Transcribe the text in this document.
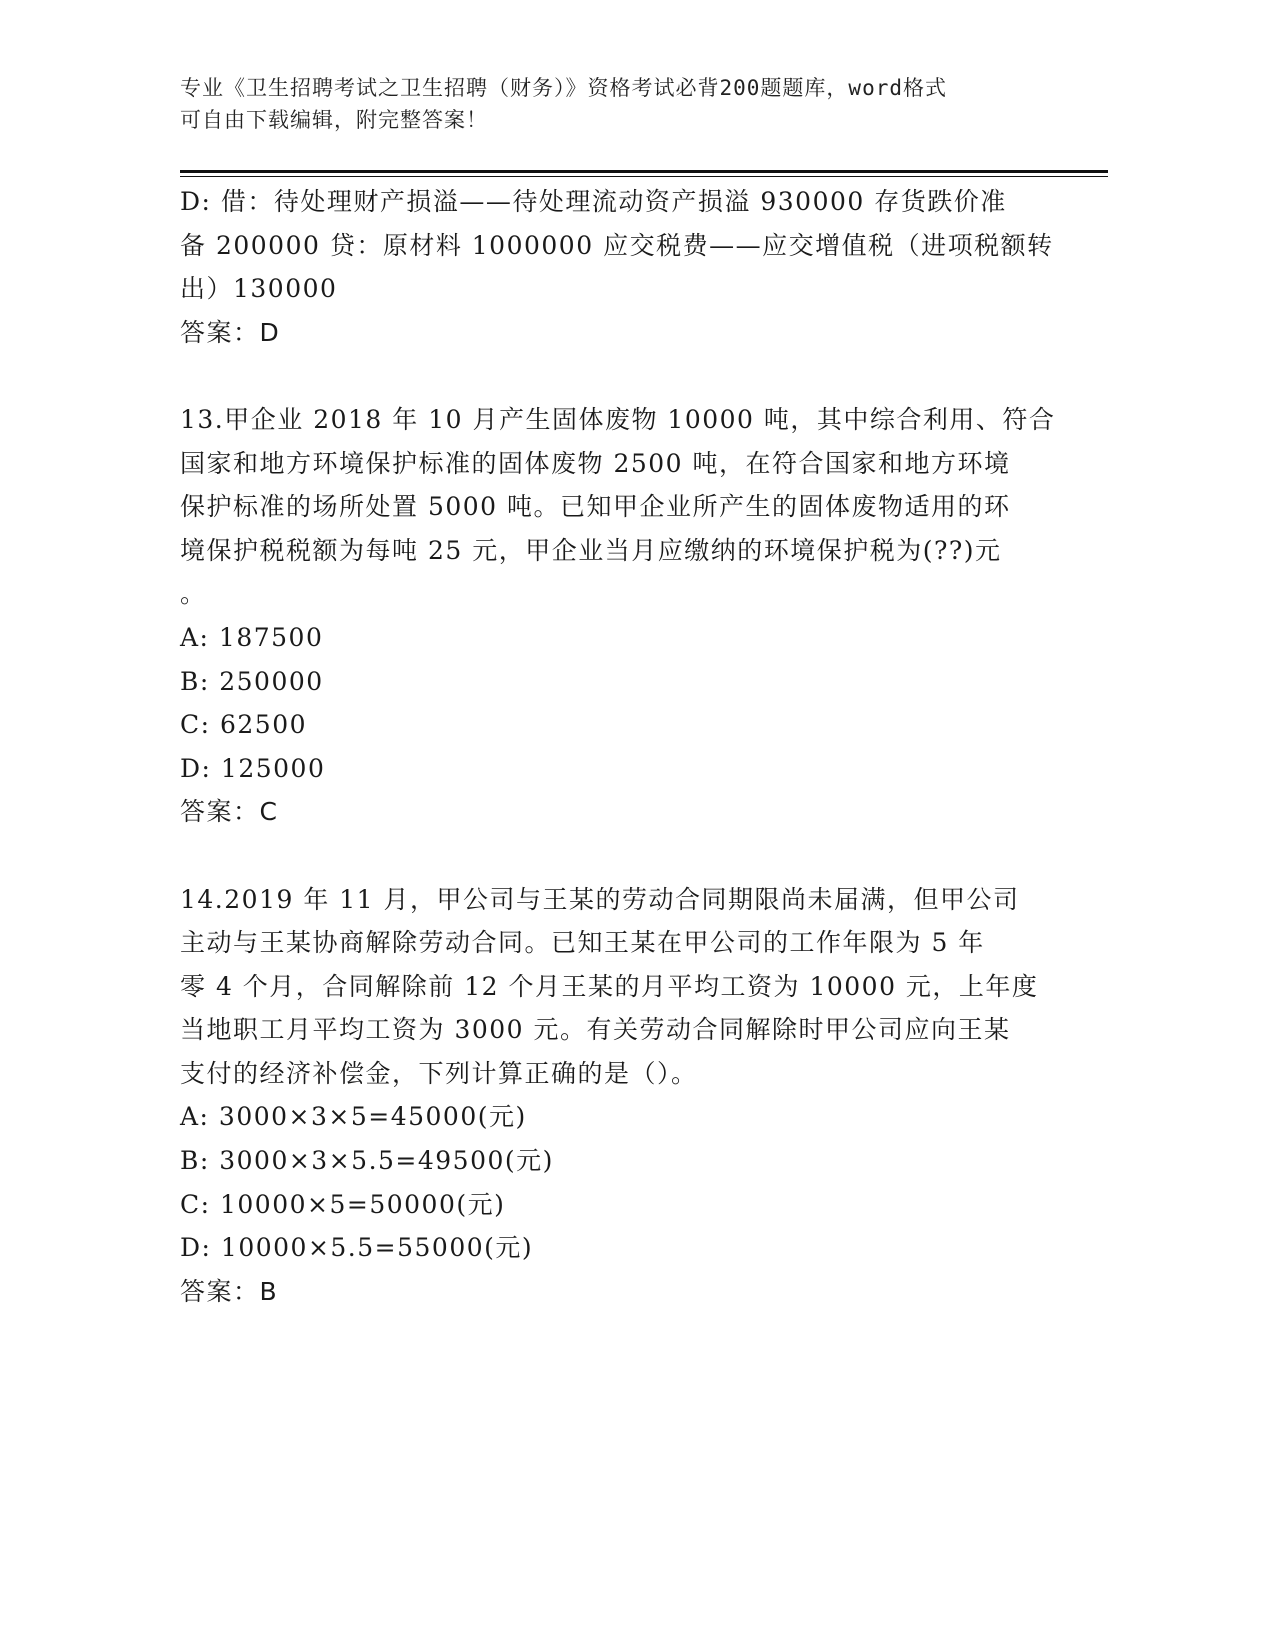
专业《卫生招聘考试之卫生招聘（财务）》资格考试必背200题题库，word格式
可自由下载编辑，附完整答案！
D: 借：待处理财产损溢——待处理流动资产损溢 930000 存货跌价准
备 200000 贷：原材料 1000000 应交税费——应交增值税（进项税额转
出）130000
答案：D
13.甲企业 2018 年 10 月产生固体废物 10000 吨，其中综合利用、符合
国家和地方环境保护标准的固体废物 2500 吨，在符合国家和地方环境
保护标准的场所处置 5000 吨。已知甲企业所产生的固体废物适用的环
境保护税税额为每吨 25 元，甲企业当月应缴纳的环境保护税为(??)元
。
A: 187500
B: 250000
C: 62500
D: 125000
答案：C
14.2019 年 11 月，甲公司与王某的劳动合同期限尚未届满，但甲公司
主动与王某协商解除劳动合同。已知王某在甲公司的工作年限为 5 年
零 4 个月，合同解除前 12 个月王某的月平均工资为 10000 元，上年度
当地职工月平均工资为 3000 元。有关劳动合同解除时甲公司应向王某
支付的经济补偿金，下列计算正确的是（）。
A: 3000×3×5=45000(元)
B: 3000×3×5.5=49500(元)
C: 10000×5=50000(元)
D: 10000×5.5=55000(元)
答案：B
